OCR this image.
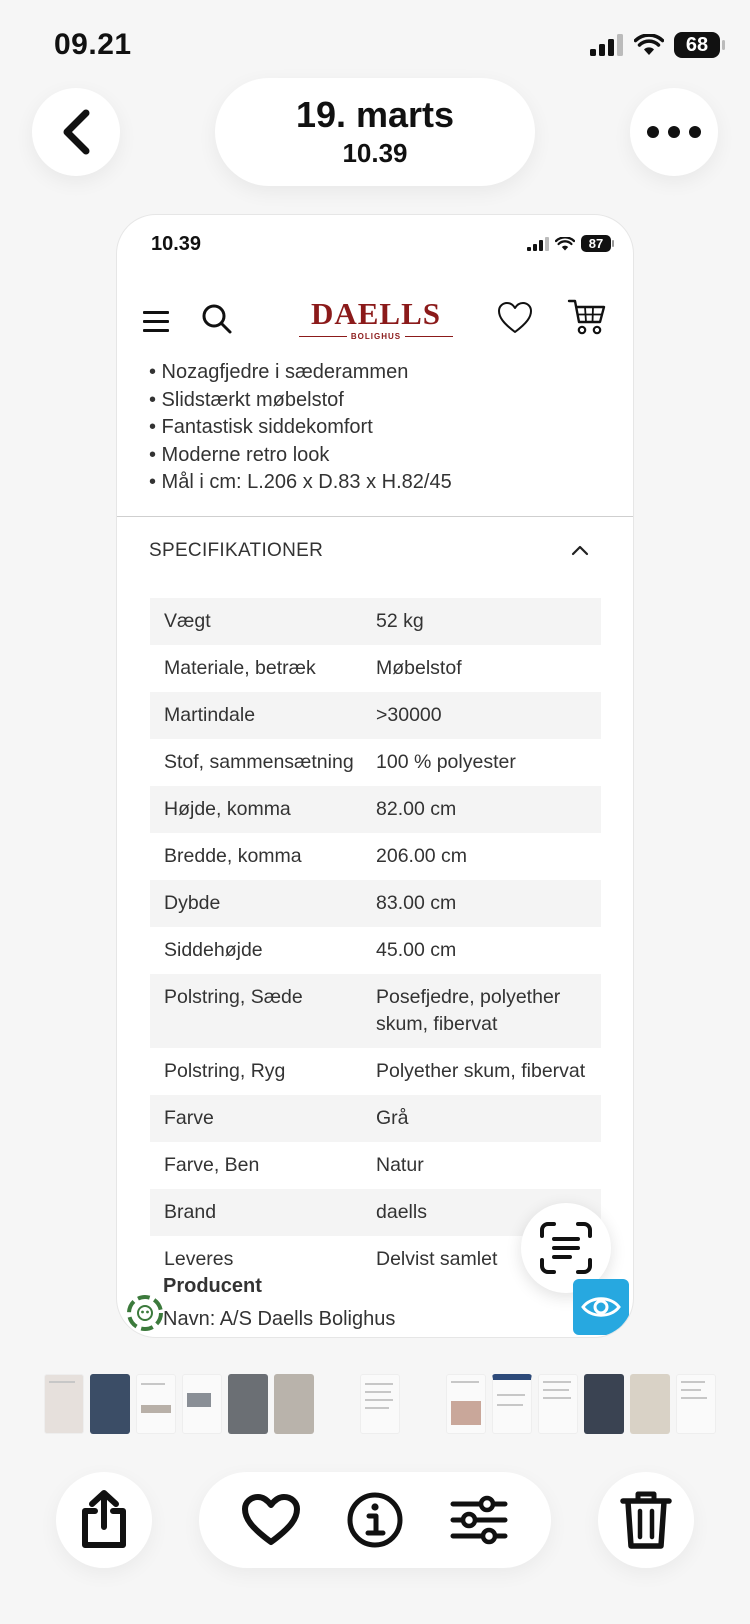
09.21	68
19. marts
10.39
10.39	87
DAELLS
BOLIGHUS
• Nozagfjedre i sæderammen
• Slidstærkt møbelstof
• Fantastisk siddekomfort
• Moderne retro look
• Mål i cm: L.206 x D.83 x H.82/45
SPECIFIKATIONER
Vægt	52 kg
Materiale, betræk	Møbelstof
Martindale	>30000
Stof, sammensætning	100 % polyester
Højde, komma	82.00 cm
Bredde, komma	206.00 cm
Dybde	83.00 cm
Siddehøjde	45.00 cm
Polstring, Sæde	Posefjedre, polyether skum, fibervat
Polstring, Ryg	Polyether skum, fibervat
Farve	Grå
Farve, Ben	Natur
Brand	daells
Leveres	Delvist samlet
Producent
Navn: A/S Daells Bolighus
